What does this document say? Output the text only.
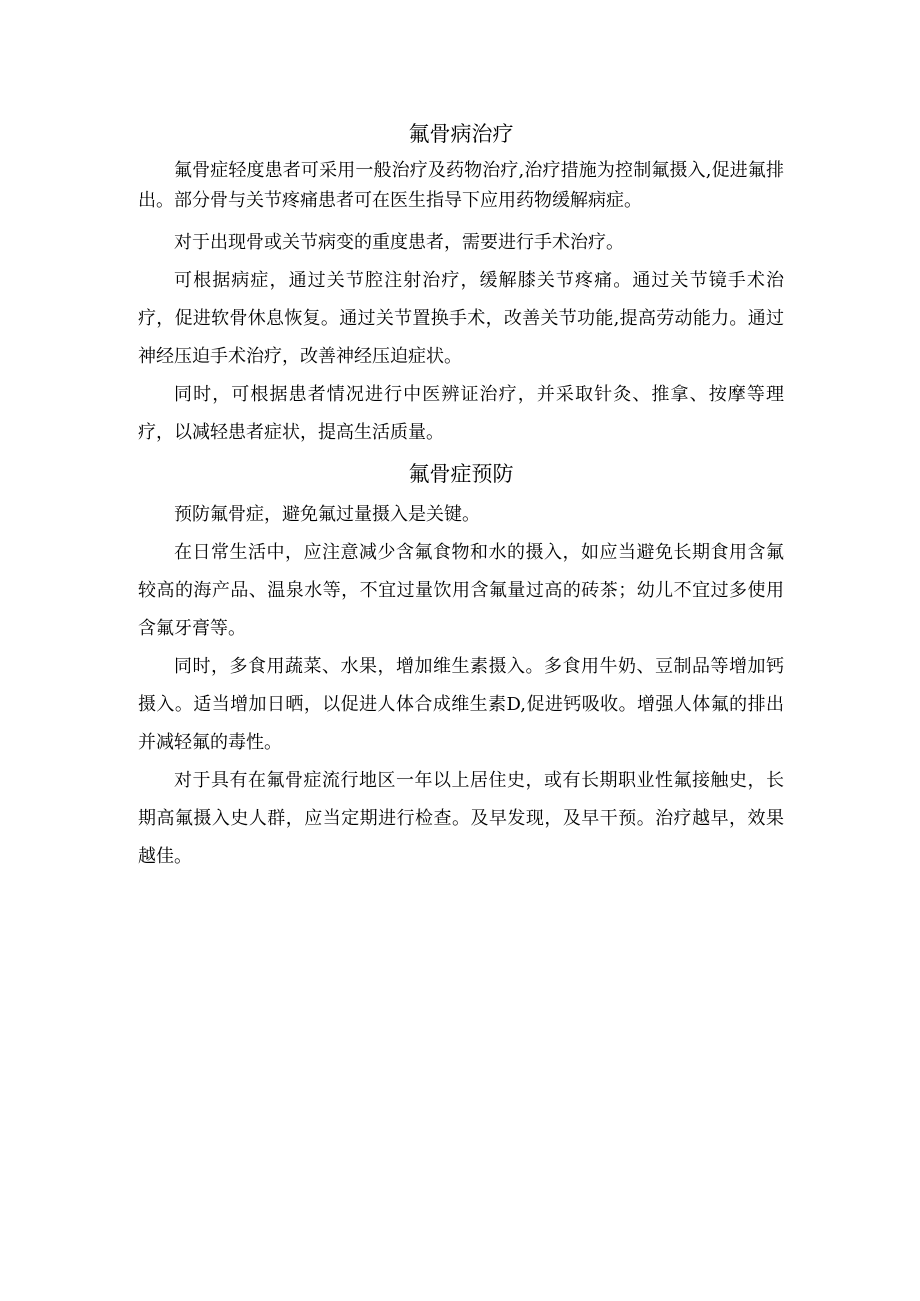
氟骨病治疗

氟骨症轻度患者可采用一般治疗及药物治疗,治疗措施为控制氟摄入,促进氟排出。部分骨与关节疼痛患者可在医生指导下应用药物缓解病症。

对于出现骨或关节病变的重度患者，需要进行手术治疗。

可根据病症，通过关节腔注射治疗，缓解膝关节疼痛。通过关节镜手术治疗，促进软骨休息恢复。通过关节置换手术，改善关节功能,提高劳动能力。通过神经压迫手术治疗，改善神经压迫症状。

同时，可根据患者情况进行中医辨证治疗，并采取针灸、推拿、按摩等理疗，以减轻患者症状，提高生活质量。

氟骨症预防

预防氟骨症，避免氟过量摄入是关键。

在日常生活中，应注意减少含氟食物和水的摄入，如应当避免长期食用含氟较高的海产品、温泉水等，不宜过量饮用含氟量过高的砖茶；幼儿不宜过多使用含氟牙膏等。

同时，多食用蔬菜、水果，增加维生素摄入。多食用牛奶、豆制品等增加钙摄入。适当增加日晒，以促进人体合成维生素D,促进钙吸收。增强人体氟的排出并减轻氟的毒性。

对于具有在氟骨症流行地区一年以上居住史，或有长期职业性氟接触史，长期高氟摄入史人群，应当定期进行检查。及早发现，及早干预。治疗越早，效果越佳。
